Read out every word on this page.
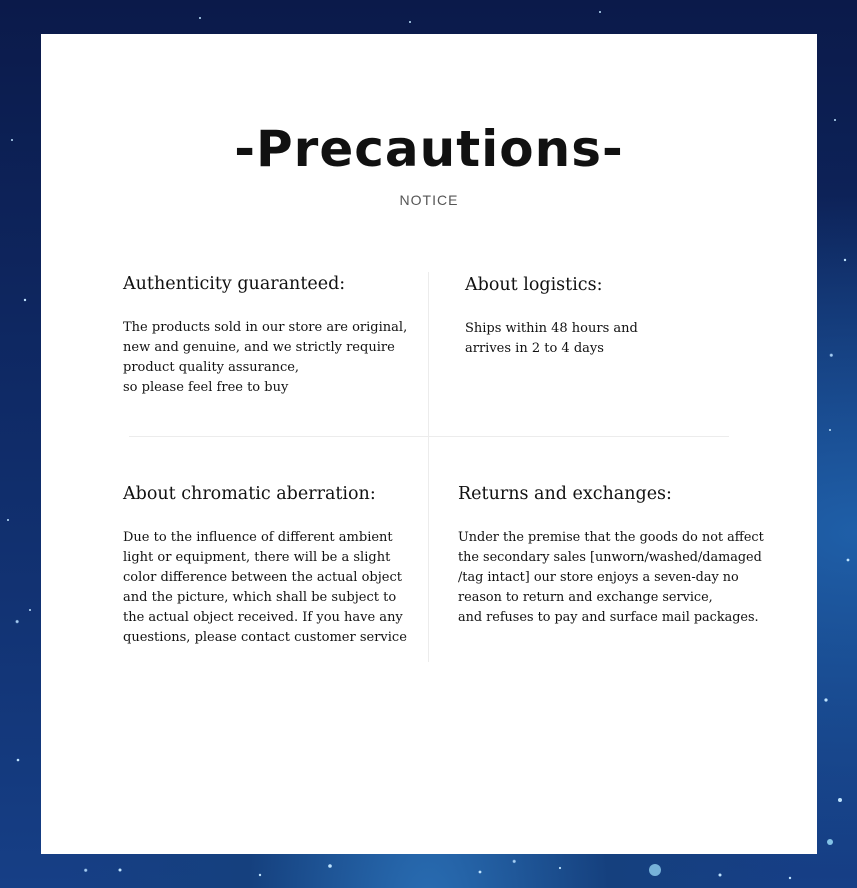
-Precautions-
NOTICE
Authenticity guaranteed:

The products sold in our store are original,
new and genuine, and we strictly require
product quality assurance,
so please feel free to buy

About logistics:

Ships within 48 hours and
arrives in 2 to 4 days

About chromatic aberration:

Due to the influence of different ambient
light or equipment, there will be a slight
color difference between the actual object
and the picture, which shall be subject to
the actual object received. If you have any
questions, please contact customer service

Returns and exchanges:

Under the premise that the goods do not affect
the secondary sales [unworn/washed/damaged
/tag intact] our store enjoys a seven-day no
reason to return and exchange service,
and refuses to pay and surface mail packages.
